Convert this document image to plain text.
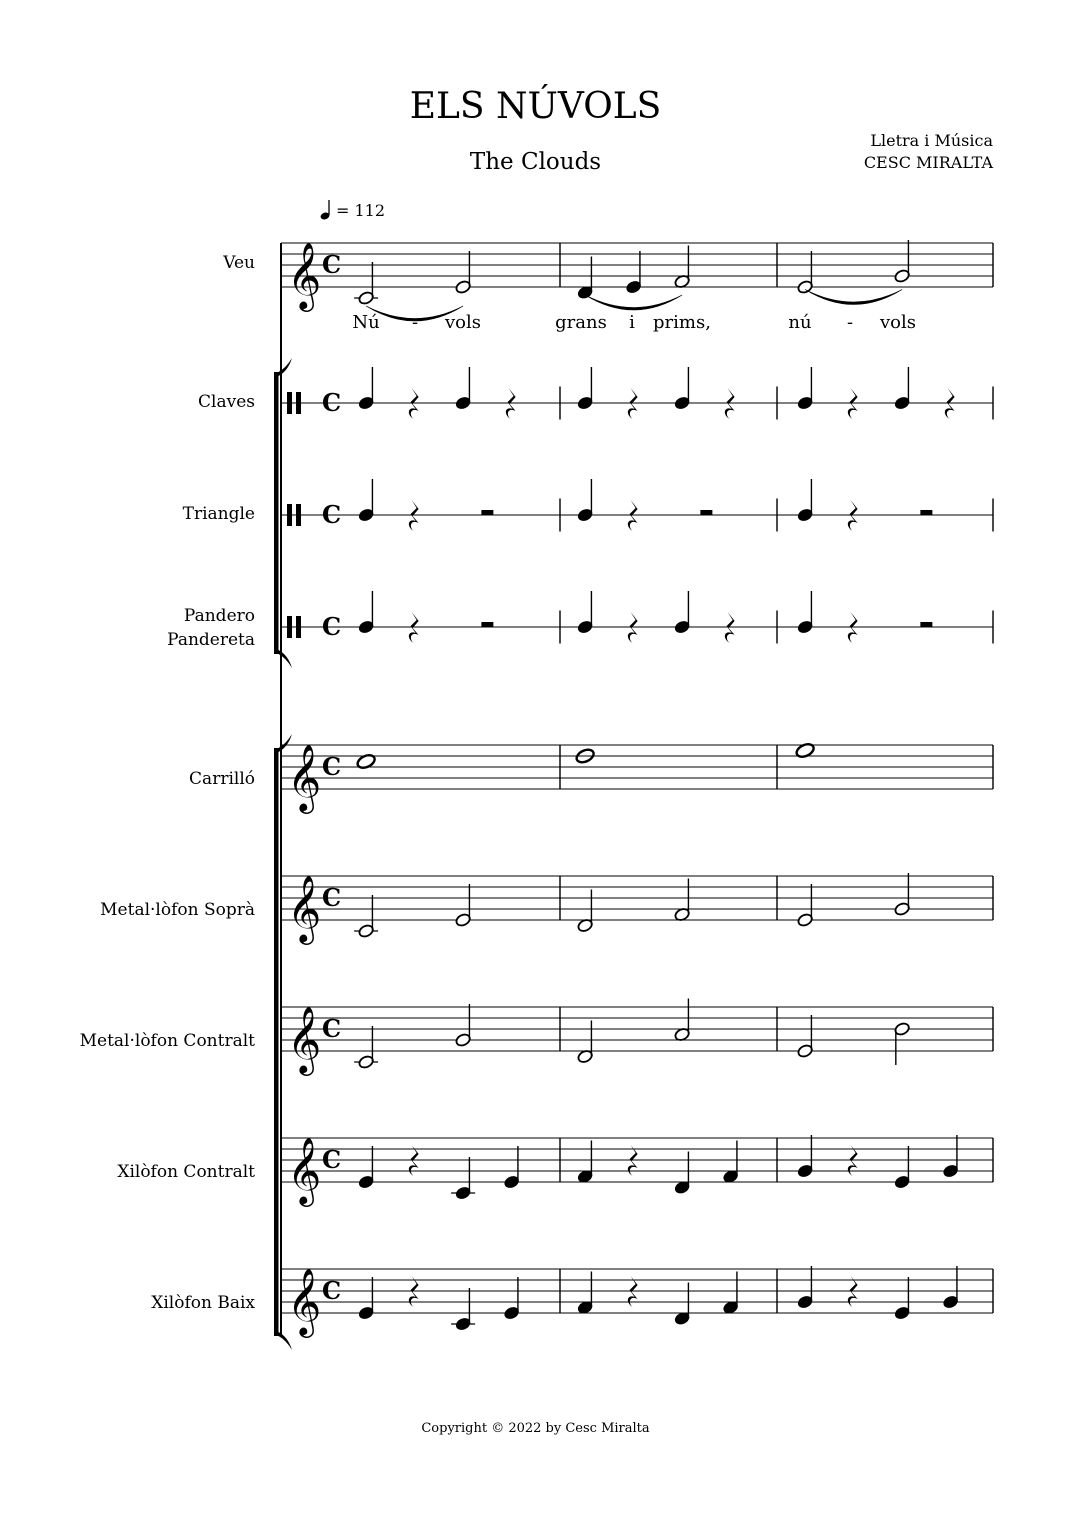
ELS NÚVOLS
The Clouds
Lletra i Música
CESC MIRALTA
= 112
Copyright © 2022 by Cesc Miralta
Veu
Claves
Triangle
Pandero
Pandereta
Carrilló
Metal·lòfon Soprà
Metal·lòfon Contralt
Xilòfon Contralt
Xilòfon Baix
𝄞 C
C
C
C
𝄞 C
𝄞 C
𝄞 C
𝄞 C
𝄞 C
Nú - vols	grans i prims,	nú - vols
